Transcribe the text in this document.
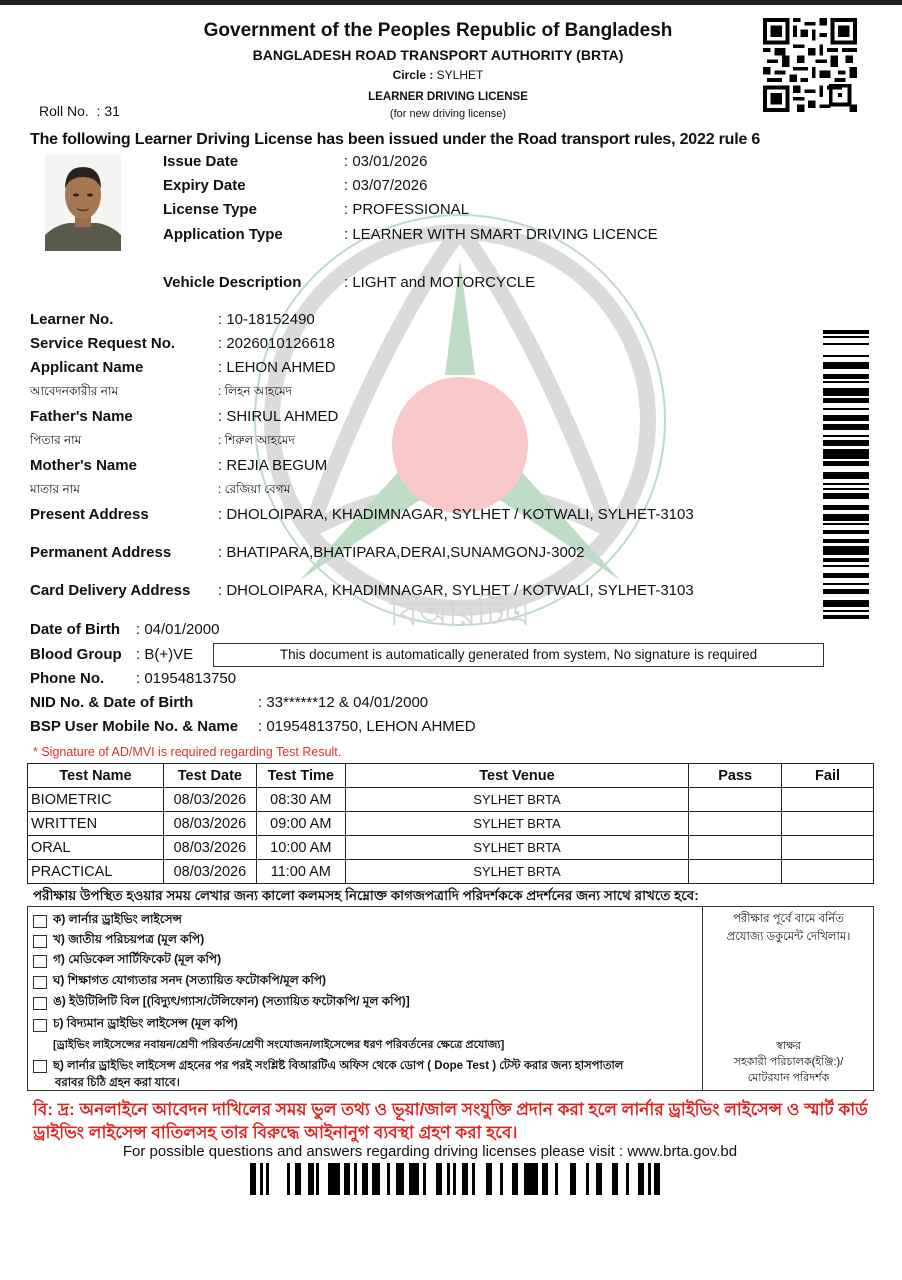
Government of the Peoples Republic of Bangladesh
BANGLADESH ROAD TRANSPORT AUTHORITY (BRTA)
Circle : SYLHET
LEARNER DRIVING LICENSE
(for new driving license)
Roll No. : 31
The following Learner Driving License has been issued under the Road transport rules, 2022 rule 6
বিআরটিএ
Issue Date	: 03/01/2026
Expiry Date	: 03/07/2026
License Type	: PROFESSIONAL
Application Type	: LEARNER WITH SMART DRIVING LICENCE
Vehicle Description	: LIGHT and MOTORCYCLE
Learner No.	: 10-18152490
Service Request No.	: 2026010126618
Applicant Name	: LEHON AHMED
আবেদনকারীর নাম	: লিহন আহমেদ
Father's Name	: SHIRUL AHMED
পিতার নাম	: শিরুল আহমেদ
Mother's Name	: REJIA BEGUM
মাতার নাম	: রেজিয়া বেগম
Present Address	: DHOLOIPARA, KHADIMNAGAR, SYLHET / KOTWALI, SYLHET-3103
Permanent Address	: BHATIPARA,BHATIPARA,DERAI,SUNAMGONJ-3002
Card Delivery Address : DHOLOIPARA, KHADIMNAGAR, SYLHET / KOTWALI, SYLHET-3103
Date of Birth : 04/01/2000
Blood Group : B(+)VE	This document is automatically generated from system, No signature is required
Phone No. : 01954813750
NID No. & Date of Birth	: 33******12 & 04/01/2000
BSP User Mobile No. & Name : 01954813750, LEHON AHMED
* Signature of AD/MVI is required regarding Test Result.
Test Name	Test Date	Test Time	Test Venue	Pass	Fail
BIOMETRIC	08/03/2026	08:30 AM	SYLHET BRTA		
WRITTEN	08/03/2026	09:00 AM	SYLHET BRTA		
ORAL	08/03/2026	10:00 AM	SYLHET BRTA		
PRACTICAL	08/03/2026	11:00 AM	SYLHET BRTA		
পরীক্ষায় উপস্থিত হওয়ার সময় লেখার জন্য কালো কলমসহ নিম্নোক্ত কাগজপত্রাদি পরিদর্শককে প্রদর্শনের জন্য সাথে রাখতে হবে:
ক) লার্নার ড্রাইভিং লাইসেন্স
খ) জাতীয় পরিচয়পত্র (মূল কপি)
গ) মেডিকেল সার্টিফিকেট (মূল কপি)
ঘ) শিক্ষাগত যোগ্যতার সনদ (সত্যায়িত ফটোকপি/মূল কপি)
ঙ) ইউটিলিটি বিল [(বিদ্যুৎ/গ্যাস/টেলিফোন) (সত্যায়িত ফটোকপি/ মূল কপি)]
চ) বিদ্যমান ড্রাইভিং লাইসেন্স (মূল কপি)
[ড্রাইভিং লাইসেন্সের নবায়ন/শ্রেণী পরিবর্তন/শ্রেণী সংযোজন/লাইসেন্সের ধরণ পরিবর্তনের ক্ষেত্রে প্রযোজ্য]
ছ) লার্নার ড্রাইভিং লাইসেন্স গ্রহনের পর পরই সংশ্লিষ্ট বিআরটিএ অফিস থেকে ডোপ ( Dope Test ) টেস্ট করার জন্য হাসপাতাল
বরাবর চিঠি গ্রহন করা যাবে।
পরীক্ষার পূর্বে বামে বর্নিত
প্রযোজ্য ডকুমেন্ট দেখিলাম।
স্বাক্ষর
সহকারী পরিচালক(ইঞ্জি:)/
মোটরযান পরিদর্শক
বি: দ্র: অনলাইনে আবেদন দাখিলের সময় ভুল তথ্য ও ভূয়া/জাল সংযুক্তি প্রদান করা হলে লার্নার ড্রাইভিং লাইসেন্স ও স্মার্ট কার্ড
ড্রাইভিং লাইসেন্স বাতিলসহ তার বিরুদ্ধে আইনানুগ ব্যবস্থা গ্রহণ করা হবে।
For possible questions and answers regarding driving licenses please visit : www.brta.gov.bd
